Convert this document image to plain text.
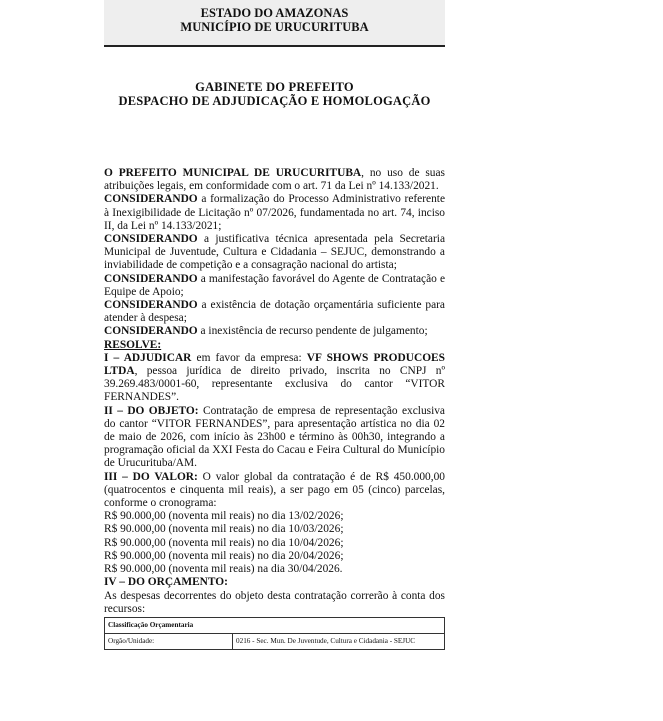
ESTADO DO AMAZONAS
MUNICÍPIO DE URUCURITUBA
GABINETE DO PREFEITO
DESPACHO DE ADJUDICAÇÃO E HOMOLOGAÇÃO

O PREFEITO MUNICIPAL DE URUCURITUBA, no uso de suas atribuições legais, em conformidade com o art. 71 da Lei nº 14.133/2021.

CONSIDERANDO a formalização do Processo Administrativo referente à Inexigibilidade de Licitação nº 07/2026, fundamentada no art. 74, inciso II, da Lei nº 14.133/2021;

CONSIDERANDO a justificativa técnica apresentada pela Secretaria Municipal de Juventude, Cultura e Cidadania – SEJUC, demonstrando a inviabilidade de competição e a consagração nacional do artista;

CONSIDERANDO a manifestação favorável do Agente de Contratação e Equipe de Apoio;

CONSIDERANDO a existência de dotação orçamentária suficiente para atender à despesa;

CONSIDERANDO a inexistência de recurso pendente de julgamento;

RESOLVE:

I – ADJUDICAR em favor da empresa: VF SHOWS PRODUCOES LTDA, pessoa jurídica de direito privado, inscrita no CNPJ nº 39.269.483/0001-60, representante exclusiva do cantor “VITOR FERNANDES”.

II – DO OBJETO: Contratação de empresa de representação exclusiva do cantor “VITOR FERNANDES”, para apresentação artística no dia 02 de maio de 2026, com início às 23h00 e término às 00h30, integrando a programação oficial da XXI Festa do Cacau e Feira Cultural do Município de Urucurituba/AM.

III – DO VALOR: O valor global da contratação é de R$ 450.000,00 (quatrocentos e cinquenta mil reais), a ser pago em 05 (cinco) parcelas, conforme o cronograma:

R$ 90.000,00 (noventa mil reais) no dia 13/02/2026;

R$ 90.000,00 (noventa mil reais) no dia 10/03/2026;

R$ 90.000,00 (noventa mil reais) no dia 10/04/2026;

R$ 90.000,00 (noventa mil reais) no dia 20/04/2026;

R$ 90.000,00 (noventa mil reais) na dia 30/04/2026.

IV – DO ORÇAMENTO:

As despesas decorrentes do objeto desta contratação correrão à conta dos recursos:

Classificação Orçamentaria
Orgão/Unidade:	0216 - Sec. Mun. De Juventude, Cultura e Cidadania - SEJUC
